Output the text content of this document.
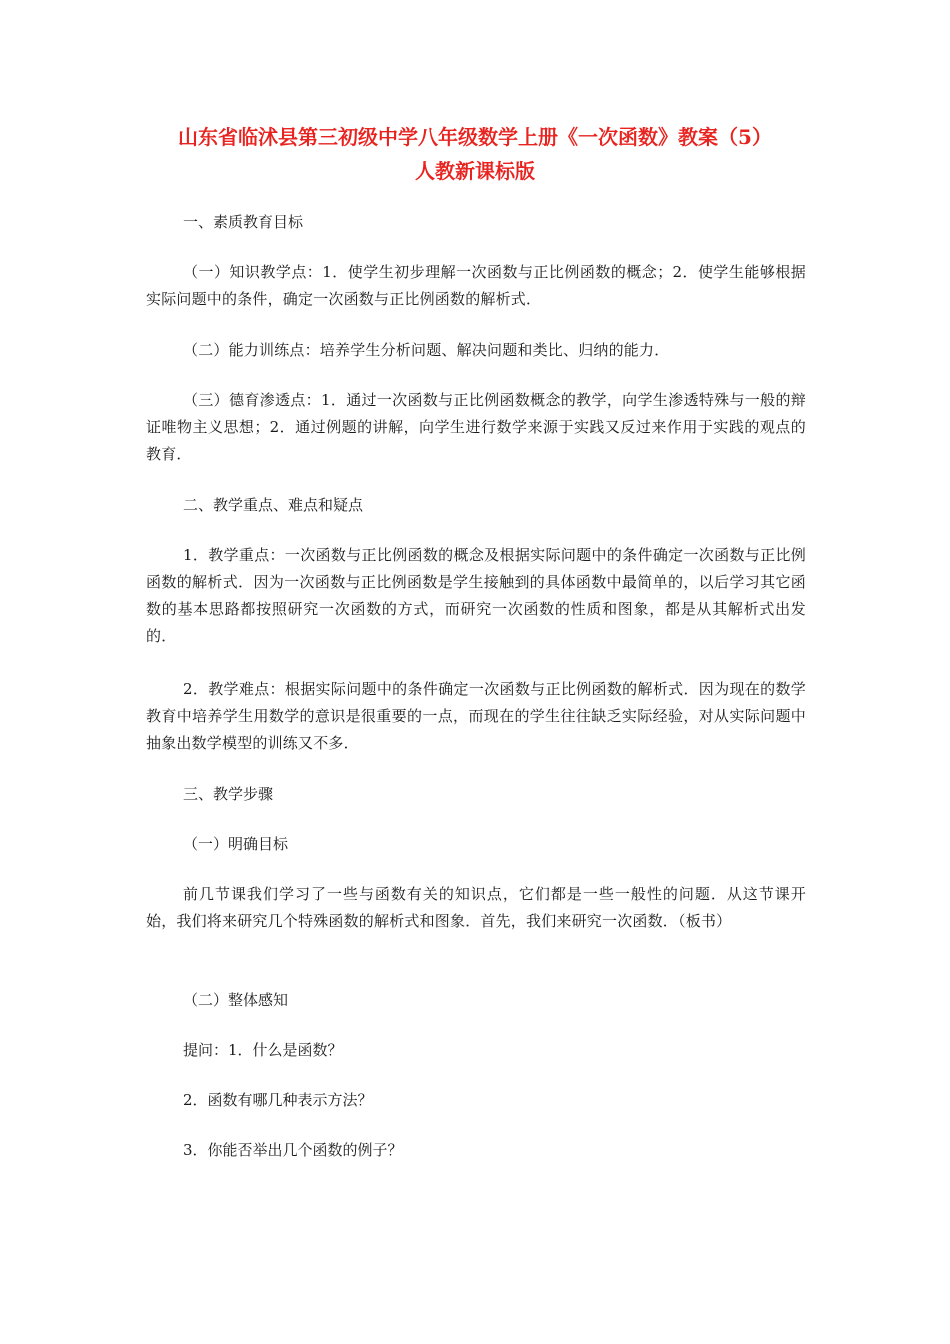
山东省临沭县第三初级中学八年级数学上册《一次函数》教案（5）
人教新课标版
一、素质教育目标
（一）知识教学点：1．使学生初步理解一次函数与正比例函数的概念；2．使学生能够根据实际问题中的条件，确定一次函数与正比例函数的解析式．
（二）能力训练点：培养学生分析问题、解决问题和类比、归纳的能力．
（三）德育渗透点：1．通过一次函数与正比例函数概念的教学，向学生渗透特殊与一般的辩证唯物主义思想；2．通过例题的讲解，向学生进行数学来源于实践又反过来作用于实践的观点的教育．
二、教学重点、难点和疑点
1．教学重点：一次函数与正比例函数的概念及根据实际问题中的条件确定一次函数与正比例函数的解析式．因为一次函数与正比例函数是学生接触到的具体函数中最简单的，以后学习其它函数的基本思路都按照研究一次函数的方式，而研究一次函数的性质和图象，都是从其解析式出发的．
2．教学难点：根据实际问题中的条件确定一次函数与正比例函数的解析式．因为现在的数学教育中培养学生用数学的意识是很重要的一点，而现在的学生往往缺乏实际经验，对从实际问题中抽象出数学模型的训练又不多．
三、教学步骤
（一）明确目标
前几节课我们学习了一些与函数有关的知识点，它们都是一些一般性的问题．从这节课开始，我们将来研究几个特殊函数的解析式和图象．首先，我们来研究一次函数．（板书）
（二）整体感知
提问：1．什么是函数？
2．函数有哪几种表示方法？
3．你能否举出几个函数的例子？
